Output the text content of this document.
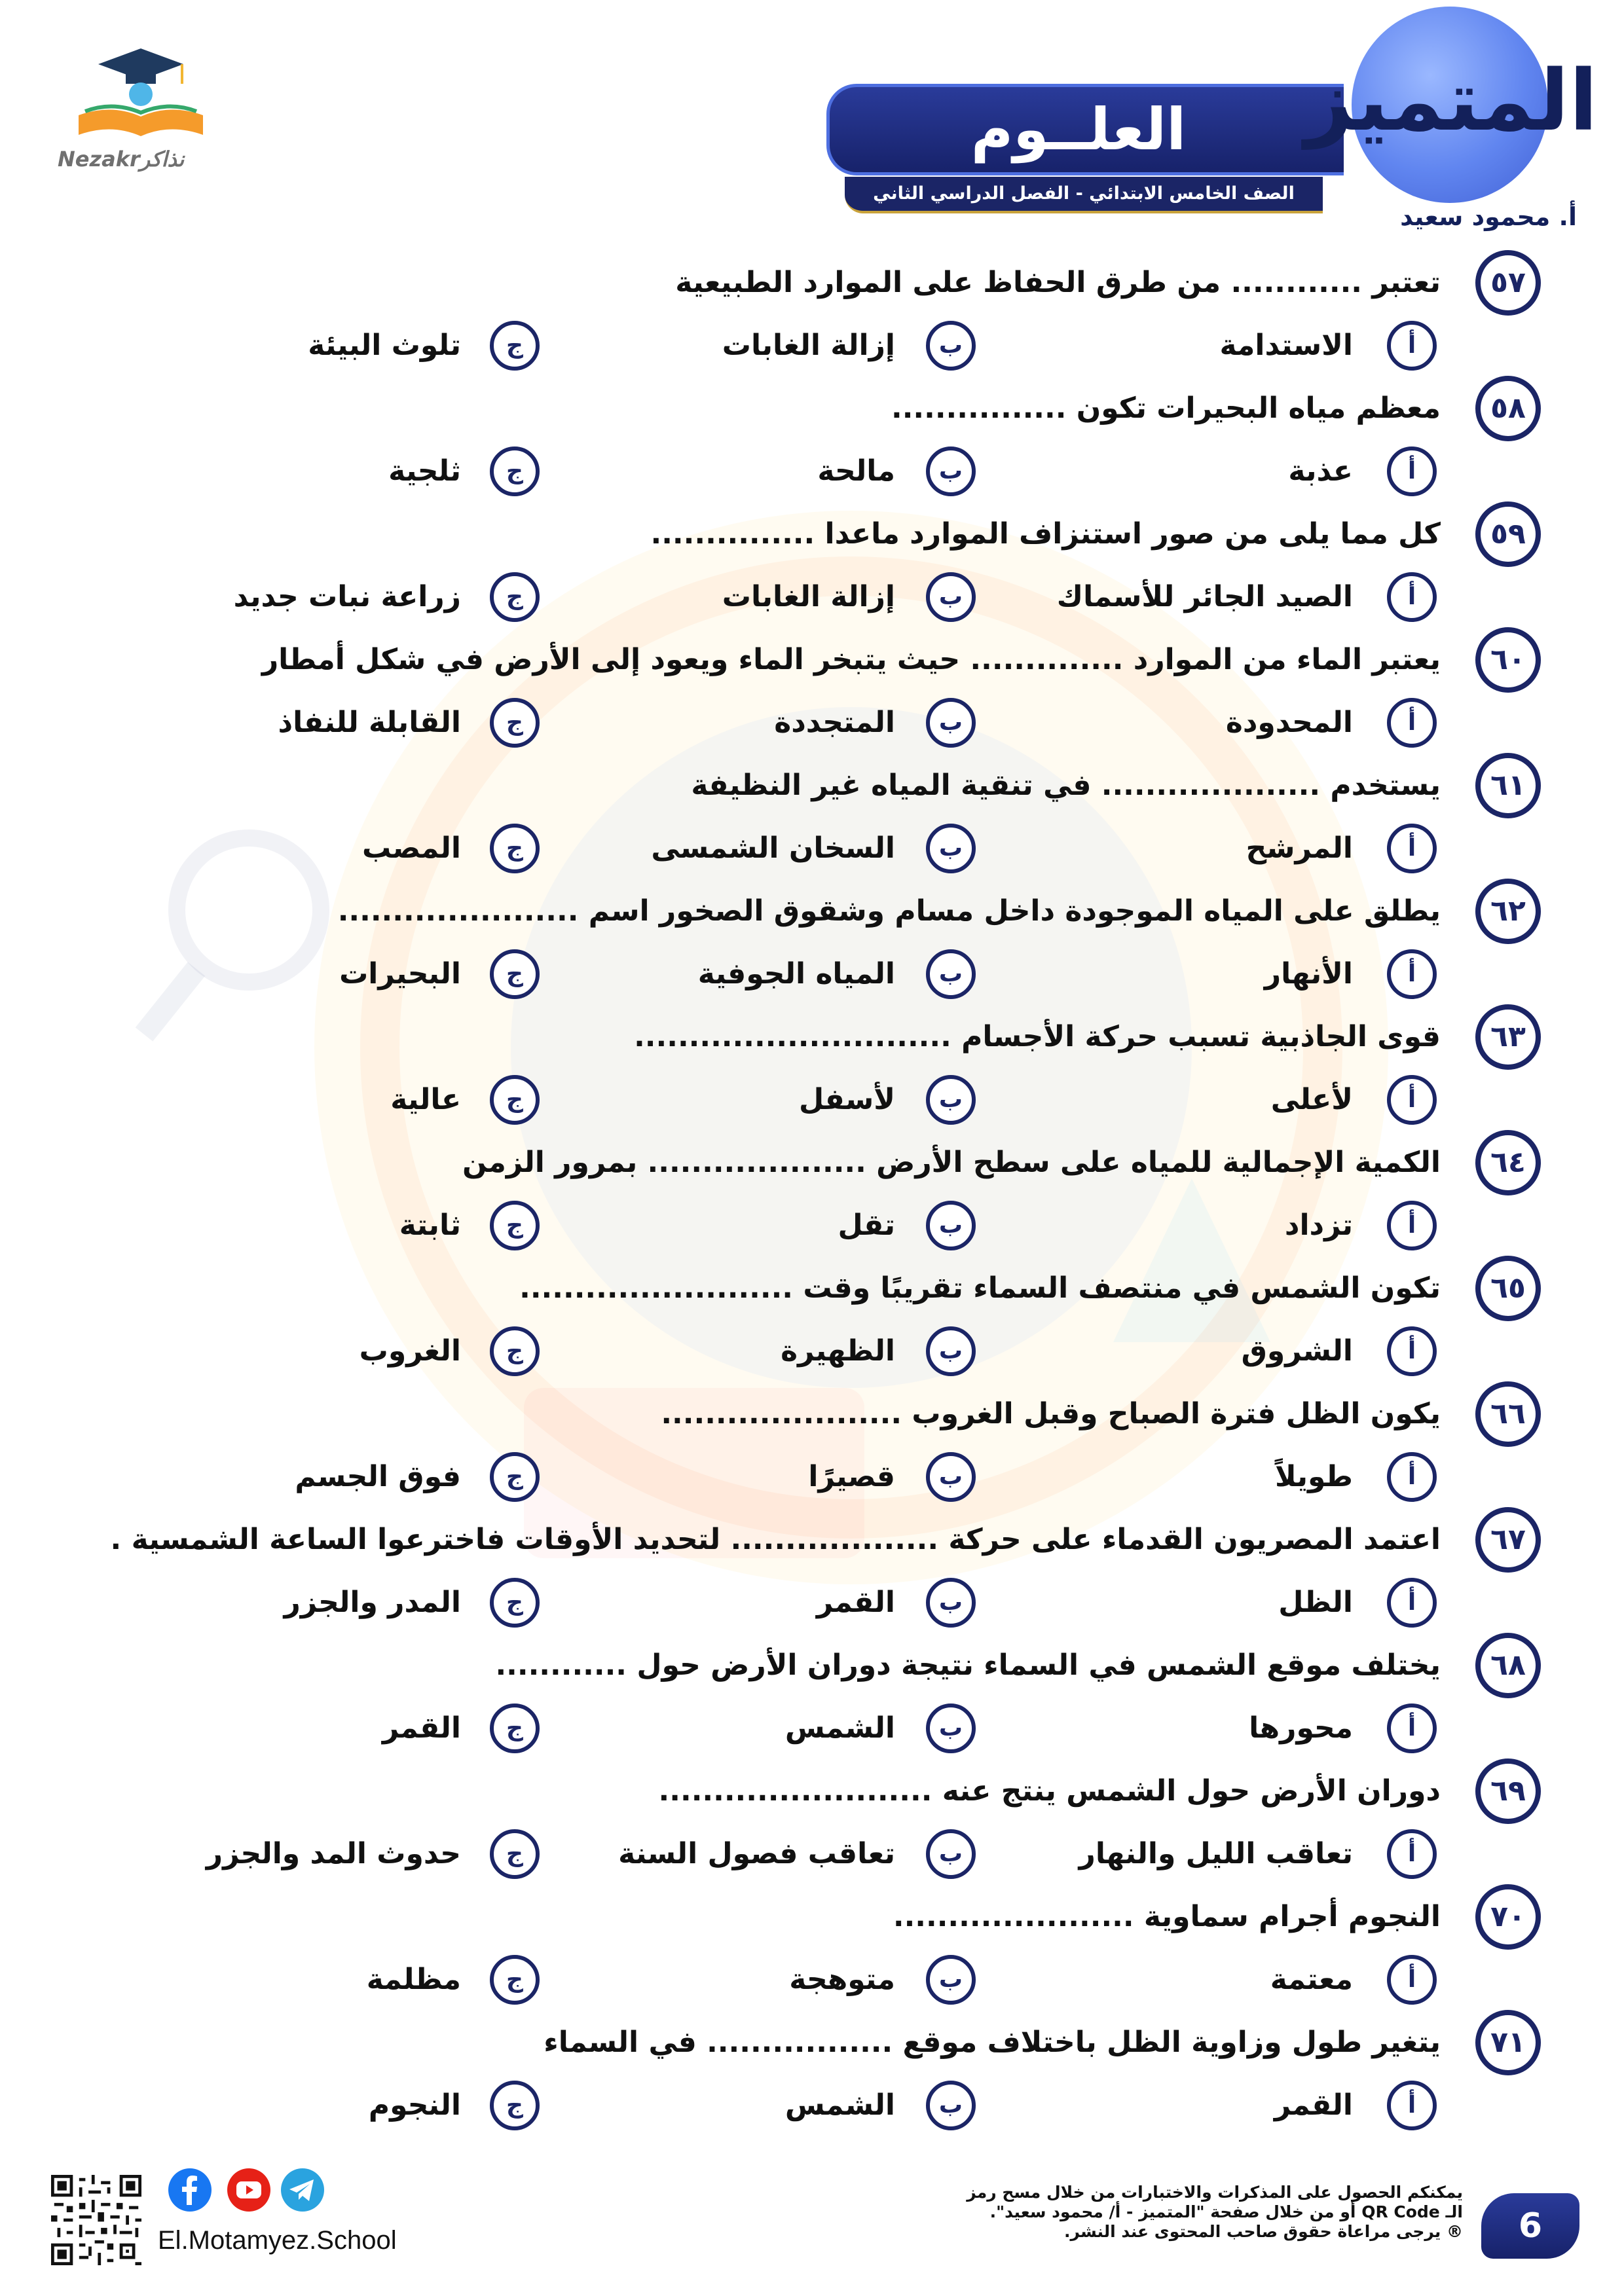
Nezakrنذاكر	العلــوم
الصف الخامس الابتدائي - الفصل الدراسي الثاني
المتميز
أ. محمود سعيد
٥٧
تعتبر ............ من طرق الحفاظ على الموارد الطبيعية
أ
الاستدامة
ب
إزالة الغابات
ج
تلوث البيئة
٥٨
معظم مياه البحيرات تكون ................
أ
عذبة
ب
مالحة
ج
ثلجية
٥٩
كل مما يلى من صور استنزاف الموارد ماعدا ...............
أ
الصيد الجائر للأسماك
ب
إزالة الغابات
ج
زراعة نبات جديد
٦٠
يعتبر الماء من الموارد .............. حيث يتبخر الماء ويعود إلى الأرض في شكل أمطار
أ
المحدودة
ب
المتجددة
ج
القابلة للنفاذ
٦١
يستخدم .................... في تنقية المياه غير النظيفة
أ
المرشح
ب
السخان الشمسى
ج
المصب
٦٢
يطلق على المياه الموجودة داخل مسام وشقوق الصخور اسم ......................
أ
الأنهار
ب
المياه الجوفية
ج
البحيرات
٦٣
قوى الجاذبية تسبب حركة الأجسام .............................
أ
لأعلى
ب
لأسفل
ج
عالية
٦٤
الكمية الإجمالية للمياه على سطح الأرض .................... بمرور الزمن
أ
تزداد
ب
تقل
ج
ثابتة
٦٥
تكون الشمس في منتصف السماء تقريبًا وقت .........................
أ
الشروق
ب
الظهيرة
ج
الغروب
٦٦
يكون الظل فترة الصباح وقبل الغروب ......................
أ
طويلاً
ب
قصيرًا
ج
فوق الجسم
٦٧
اعتمد المصريون القدماء على حركة ................... لتحديد الأوقات فاخترعوا الساعة الشمسية .
أ
الظل
ب
القمر
ج
المدر والجزر
٦٨
يختلف موقع الشمس في السماء نتيجة دوران الأرض حول ............
أ
محورها
ب
الشمس
ج
القمر
٦٩
دوران الأرض حول الشمس ينتج عنه .........................
أ
تعاقب الليل والنهار
ب
تعاقب فصول السنة
ج
حدوث المد والجزر
٧٠
النجوم أجرام سماوية ......................
أ
معتمة
ب
متوهجة
ج
مظلمة
٧١
يتغير طول وزاوية الظل باختلاف موقع ................. في السماء
أ
القمر
ب
الشمس
ج
النجوم
El.Motamyez.School
يمكنكم الحصول على المذكرات والاختبارات من خلال مسح رمز
الـ QR Code أو من خلال صفحة "المتميز - أ/ محمود سعيد".
® يرجى مراعاة حقوق صاحب المحتوى عند النشر.	6
